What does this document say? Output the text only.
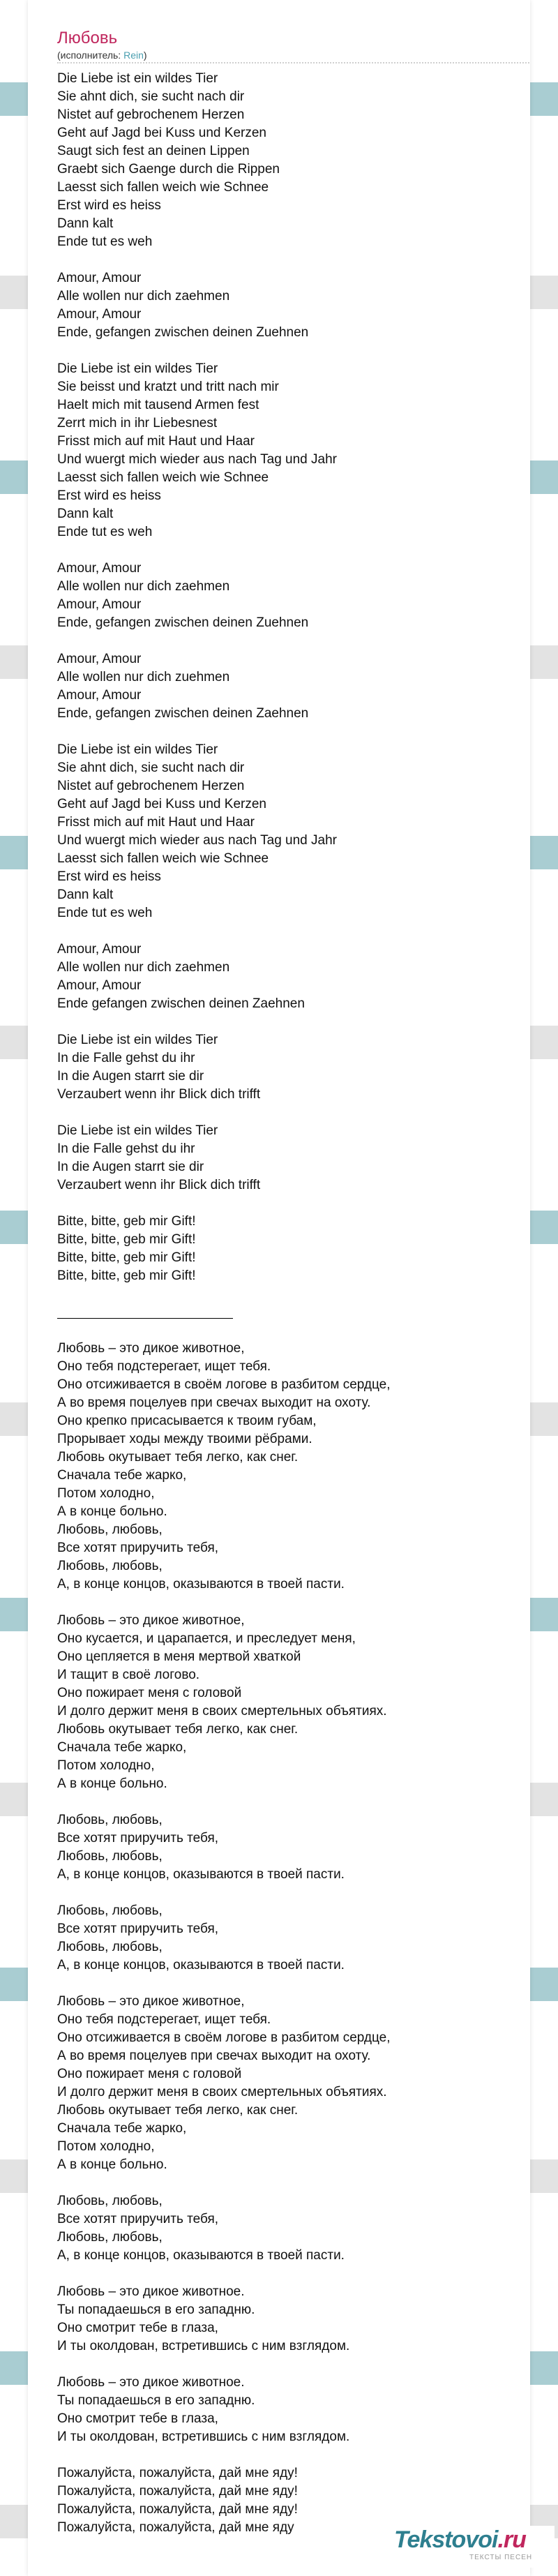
Любовь
(исполнитель: Rein)
Die Liebe ist ein wildes Tier
Sie ahnt dich, sie sucht nach dir
Nistet auf gebrochenem Herzen
Geht auf Jagd bei Kuss und Kerzen
Saugt sich fest an deinen Lippen
Graebt sich Gaenge durch die Rippen
Laesst sich fallen weich wie Schnee
Erst wird es heiss
Dann kalt
Ende tut es weh
Amour, Amour
Alle wollen nur dich zaehmen
Amour, Amour
Ende, gefangen zwischen deinen Zuehnen
Die Liebe ist ein wildes Tier
Sie beisst und kratzt und tritt nach mir
Haelt mich mit tausend Armen fest
Zerrt mich in ihr Liebesnest
Frisst mich auf mit Haut und Haar
Und wuergt mich wieder aus nach Tag und Jahr
Laesst sich fallen weich wie Schnee
Erst wird es heiss
Dann kalt
Ende tut es weh
Amour, Amour
Alle wollen nur dich zaehmen
Amour, Amour
Ende, gefangen zwischen deinen Zuehnen
Amour, Amour
Alle wollen nur dich zuehmen
Amour, Amour
Ende, gefangen zwischen deinen Zaehnen
Die Liebe ist ein wildes Tier
Sie ahnt dich, sie sucht nach dir
Nistet auf gebrochenem Herzen
Geht auf Jagd bei Kuss und Kerzen
Frisst mich auf mit Haut und Haar
Und wuergt mich wieder aus nach Tag und Jahr
Laesst sich fallen weich wie Schnee
Erst wird es heiss
Dann kalt
Ende tut es weh
Amour, Amour
Alle wollen nur dich zaehmen
Amour, Amour
Ende gefangen zwischen deinen Zaehnen
Die Liebe ist ein wildes Tier
In die Falle gehst du ihr
In die Augen starrt sie dir
Verzaubert wenn ihr Blick dich trifft
Die Liebe ist ein wildes Tier
In die Falle gehst du ihr
In die Augen starrt sie dir
Verzaubert wenn ihr Blick dich trifft
Bitte, bitte, geb mir Gift!
Bitte, bitte, geb mir Gift!
Bitte, bitte, geb mir Gift!
Bitte, bitte, geb mir Gift!
Любовь – это дикое животное,
Оно тебя подстерегает, ищет тебя.
Оно отсиживается в своём логове в разбитом сердце,
А во время поцелуев при свечах выходит на охоту.
Оно крепко присасывается к твоим губам,
Прорывает ходы между твоими рёбрами.
Любовь окутывает тебя легко, как снег.
Сначала тебе жарко,
Потом холодно,
А в конце больно.
Любовь, любовь,
Все хотят приручить тебя,
Любовь, любовь,
А, в конце концов, оказываются в твоей пасти.
Любовь – это дикое животное,
Оно кусается, и царапается, и преследует меня,
Оно цепляется в меня мертвой хваткой
И тащит в своё логово.
Оно пожирает меня с головой
И долго держит меня в своих смертельных объятиях.
Любовь окутывает тебя легко, как снег.
Сначала тебе жарко,
Потом холодно,
А в конце больно.
Любовь, любовь,
Все хотят приручить тебя,
Любовь, любовь,
А, в конце концов, оказываются в твоей пасти.
Любовь, любовь,
Все хотят приручить тебя,
Любовь, любовь,
А, в конце концов, оказываются в твоей пасти.
Любовь – это дикое животное,
Оно тебя подстерегает, ищет тебя.
Оно отсиживается в своём логове в разбитом сердце,
А во время поцелуев при свечах выходит на охоту.
Оно пожирает меня с головой
И долго держит меня в своих смертельных объятиях.
Любовь окутывает тебя легко, как снег.
Сначала тебе жарко,
Потом холодно,
А в конце больно.
Любовь, любовь,
Все хотят приручить тебя,
Любовь, любовь,
А, в конце концов, оказываются в твоей пасти.
Любовь – это дикое животное.
Ты попадаешься в его западню.
Оно смотрит тебе в глаза,
И ты околдован, встретившись с ним взглядом.
Любовь – это дикое животное.
Ты попадаешься в его западню.
Оно смотрит тебе в глаза,
И ты околдован, встретившись с ним взглядом.
Пожалуйста, пожалуйста, дай мне яду!
Пожалуйста, пожалуйста, дай мне яду!
Пожалуйста, пожалуйста, дай мне яду!
Пожалуйста, пожалуйста, дай мне яду	Tekstovoi.ru
ТЕКСТЫ ПЕСЕН
